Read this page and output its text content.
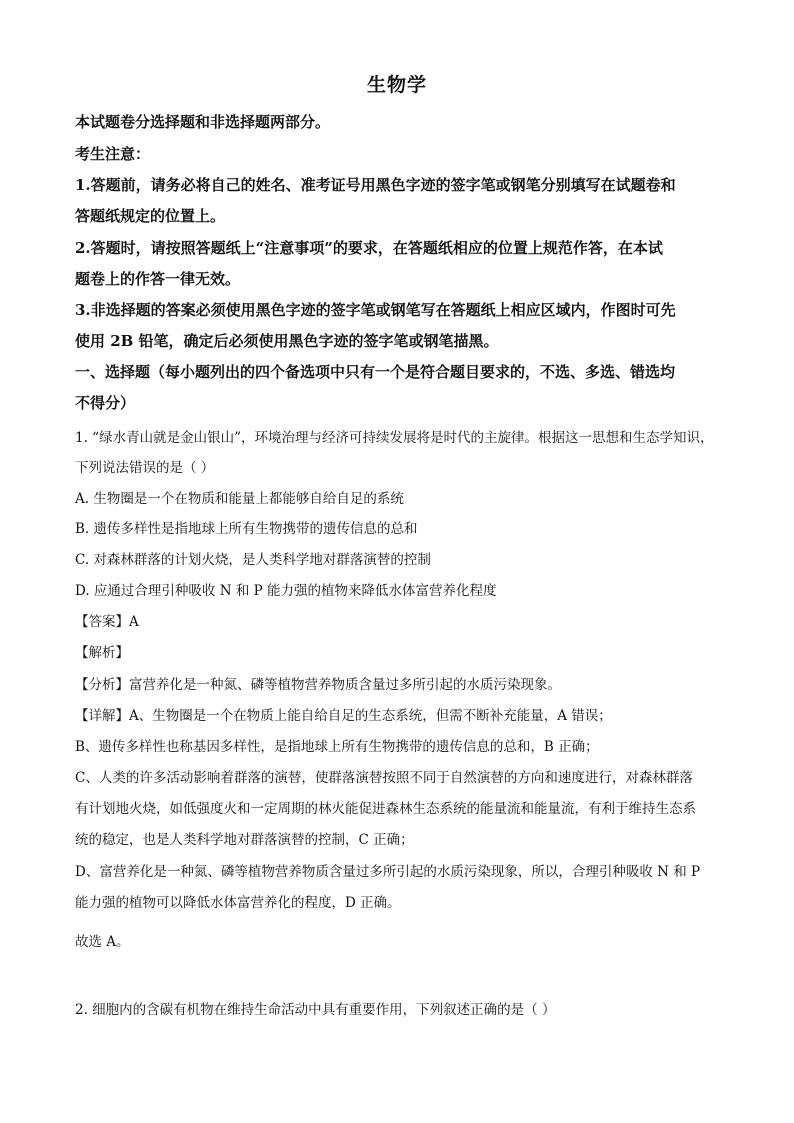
生物学
本试题卷分选择题和非选择题两部分。
考生注意：
1.答题前，请务必将自己的姓名、准考证号用黑色字迹的签字笔或钢笔分别填写在试题卷和
答题纸规定的位置上。
2.答题时，请按照答题纸上“注意事项”的要求，在答题纸相应的位置上规范作答，在本试
题卷上的作答一律无效。
3.非选择题的答案必须使用黑色字迹的签字笔或钢笔写在答题纸上相应区域内，作图时可先
使用 2B 铅笔，确定后必须使用黑色字迹的签字笔或钢笔描黑。
一、选择题（每小题列出的四个备选项中只有一个是符合题目要求的，不选、多选、错选均
不得分）
1. “绿水青山就是金山银山”，环境治理与经济可持续发展将是时代的主旋律。根据这一思想和生态学知识，
下列说法错误的是（ ）
A. 生物圈是一个在物质和能量上都能够自给自足的系统
B. 遗传多样性是指地球上所有生物携带的遗传信息的总和
C. 对森林群落的计划火烧，是人类科学地对群落演替的控制
D. 应通过合理引种吸收 N 和 P 能力强的植物来降低水体富营养化程度
【答案】A
【解析】
【分析】富营养化是一种氮、磷等植物营养物质含量过多所引起的水质污染现象。
【详解】A、生物圈是一个在物质上能自给自足的生态系统，但需不断补充能量，A 错误；
B、遗传多样性也称基因多样性，是指地球上所有生物携带的遗传信息的总和，B 正确；
C、人类的许多活动影响着群落的演替，使群落演替按照不同于自然演替的方向和速度进行，对森林群落
有计划地火烧，如低强度火和一定周期的林火能促进森林生态系统的能量流和能量流，有利于维持生态系
统的稳定，也是人类科学地对群落演替的控制，C 正确；
D、富营养化是一种氮、磷等植物营养物质含量过多所引起的水质污染现象，所以，合理引种吸收 N 和 P
能力强的植物可以降低水体富营养化的程度，D 正确。
故选 A。
2. 细胞内的含碳有机物在维持生命活动中具有重要作用，下列叙述正确的是（ ）
